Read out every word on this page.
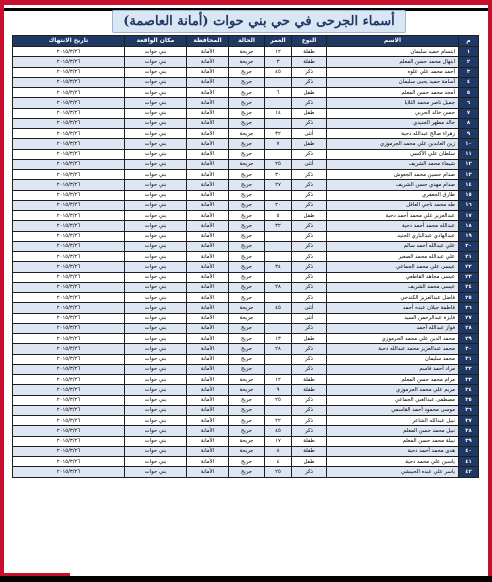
أسماء الجرحى في حي بني حوات (أمانة العاصمة)
م	الاسم	النوع	العمر	الحالة	المحافظة	مكان الواقعة	تاريخ الانتهاك
١	ابتسام حميد سليمان	طفلة	١٢	جريحة	الأمانة	بني حوات	٢٠١٥/٣/٢٦
٢	ابتهال محمد حسن المعلم	طفلة	٣	جريحة	الأمانة	بني حوات	٢٠١٥/٣/٢٦
٣	أحمد محمد علي علوه	ذكر	٤٥	جريح	الأمانة	بني حوات	٢٠١٥/٣/٢٦
٤	أسامة حميد يحيى سليمان	ذكر		جريح	الأمانة	بني حوات	٢٠١٥/٣/٢٦
٥	أمجد محمد حسن المعلم	طفل	٦	جريح	الأمانة	بني حوات	٢٠١٥/٣/٢٦
٦	جميل ناصر محمد الثلايا	ذكر		جريح	الأمانة	بني حوات	٢٠١٥/٣/٢٦
٧	حسن خالد الحربي	طفل	١٤	جريح	الأمانة	بني حوات	٢٠١٥/٣/٢٦
٨	خالد مطهر الجنيدي	ذكر		جريح	الأمانة	بني حوات	٢٠١٥/٣/٢٦
٩	زهراء صالح عبدالله دحية	أنثى	٣٢	جريحة	الأمانة	بني حوات	٢٠١٥/٣/٢٦
١٠	زين العابدين علي محمد الجرموزي	طفل	٧	جريح	الأمانة	بني حوات	٢٠١٥/٣/٢٦
١١	سلطان علي الأكسي	ذكر		جريح	الأمانة	بني حوات	٢٠١٥/٣/٢٦
١٢	شيماء محمد الشريف	أنثى	٢٥	جريحة	الأمانة	بني حوات	٢٠١٥/٣/٢٦
١٣	صدام حسين محمد الجعوش	ذكر	٣٠	جريح	الأمانة	بني حوات	٢٠١٥/٣/٢٦
١٤	صدام مهدي حسن الشريف	ذكر	٢٧	جريح	الأمانة	بني حوات	٢٠١٥/٣/٢٦
١٥	طارق الجعفري	ذكر		جريح	الأمانة	بني حوات	٢٠١٥/٣/٢٦
١٦	طه محمد ناجي العاقل	ذكر	٢٠	جريح	الأمانة	بني حوات	٢٠١٥/٣/٢٦
١٧	عبدالعزيز علي محمد أحمد دحية	طفل	٥	جريح	الأمانة	بني حوات	٢٠١٥/٣/٢٦
١٨	عبدالله محمد أحمد دحية	ذكر	٣٢	جريح	الأمانة	بني حوات	٢٠١٥/٣/٢٦
١٩	عبدالهادي عبدالباري الجنيد	ذكر		جريح	الأمانة	بني حوات	٢٠١٥/٣/٢٦
٢٠	علي عبدالله أحمد سالم	ذكر		جريح	الأمانة	بني حوات	٢٠١٥/٣/٢٦
٢١	علي عبدالله محمد الصغير	ذكر		جريح	الأمانة	بني حوات	٢٠١٥/٣/٢٦
٢٢	عيسى علي محمد الجماعي	ذكر	٣٤	جريح	الأمانة	بني حوات	٢٠١٥/٣/٢٦
٢٣	عيسى مجاهد القاطعي	ذكر		جريح	الأمانة	بني حوات	٢٠١٥/٣/٢٦
٢٤	عيسى محمد الشريف	ذكر	٢٨	جريح	الأمانة	بني حوات	٢٠١٥/٣/٢٦
٢٥	فاضل عبدالعزيز الكندحي	ذكر		جريح	الأمانة	بني حوات	٢٠١٥/٣/٢٦
٢٦	فاطمة جيلان عبده أحمد	أنثى	٤٥	جريحة	الأمانة	بني حوات	٢٠١٥/٣/٢٦
٢٧	فايزة عبدالرحمن السيد	أنثى		جريحة	الأمانة	بني حوات	٢٠١٥/٣/٢٦
٢٨	فواز عبدالله أحمد	ذكر		جريح	الأمانة	بني حوات	٢٠١٥/٣/٢٦
٢٩	محمد الدين علي محمد الجرموزي	طفل	١٣	جريح	الأمانة	بني حوات	٢٠١٥/٣/٢٦
٣٠	محمد عبدالعزيز محمد عبدالله دحية	ذكر	٢٨	جريح	الأمانة	بني حوات	٢٠١٥/٣/٢٦
٣١	محمد سليمان	ذكر		جريح	الأمانة	بني حوات	٢٠١٥/٣/٢٦
٣٢	مراد أحمد قاسم	ذكر		جريح	الأمانة	بني حوات	٢٠١٥/٣/٢٦
٣٣	مرام محمد حسن المعلم	طفلة	١٢	جريحة	الأمانة	بني حوات	٢٠١٥/٣/٢٦
٣٤	مريم علي محمد الجرموزي	طفلة	٩	جريحة	الأمانة	بني حوات	٢٠١٥/٣/٢٦
٣٥	مصطفى عبدالغني الجماعي	ذكر	٢٥	جريح	الأمانة	بني حوات	٢٠١٥/٣/٢٦
٣٦	موسى محمود أحمد القاسمي	ذكر		جريح	الأمانة	بني حوات	٢٠١٥/٣/٢٦
٣٧	نبيل عبدالله الشاعر	ذكر	٢٢	جريح	الأمانة	بني حوات	٢٠١٥/٣/٢٦
٣٨	نبيل محمد حسن المعلم	ذكر	٤٥	جريح	الأمانة	بني حوات	٢٠١٥/٣/٢٦
٣٩	نبيلة محمد حسن المعلم	طفلة	١٧	جريحة	الأمانة	بني حوات	٢٠١٥/٣/٢٦
٤٠	هدى محمد أحمد دحية	طفلة	٨	جريحة	الأمانة	بني حوات	٢٠١٥/٣/٢٦
٤١	ياسين علي محمد دحية	طفل	٤	جريح	الأمانة	بني حوات	٢٠١٥/٣/٢٦
٤٢	ياسر علي عبده الحبيشي	ذكر	٢٥	جريح	الأمانة	بني حوات	٢٠١٥/٣/٢٦
